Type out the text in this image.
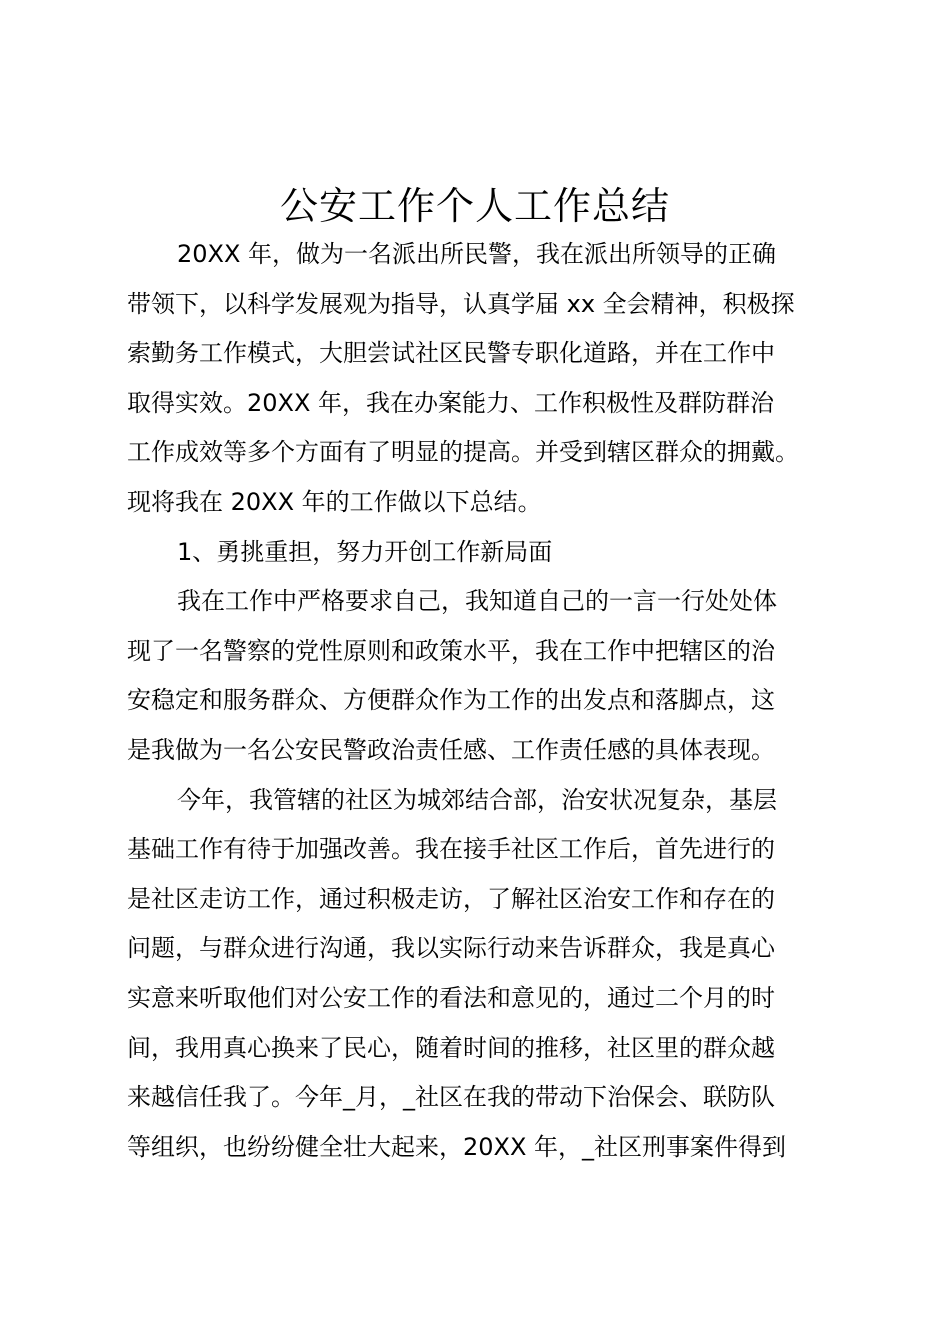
公安工作个人工作总结
20XX 年，做为一名派出所民警，我在派出所领导的正确
带领下，以科学发展观为指导，认真学届 xx 全会精神，积极探
索勤务工作模式，大胆尝试社区民警专职化道路，并在工作中
取得实效。20XX 年，我在办案能力、工作积极性及群防群治
工作成效等多个方面有了明显的提高。并受到辖区群众的拥戴。
现将我在 20XX 年的工作做以下总结。
1、勇挑重担，努力开创工作新局面
我在工作中严格要求自己，我知道自己的一言一行处处体
现了一名警察的党性原则和政策水平，我在工作中把辖区的治
安稳定和服务群众、方便群众作为工作的出发点和落脚点，这
是我做为一名公安民警政治责任感、工作责任感的具体表现。
今年，我管辖的社区为城郊结合部，治安状况复杂，基层
基础工作有待于加强改善。我在接手社区工作后，首先进行的
是社区走访工作，通过积极走访，了解社区治安工作和存在的
问题，与群众进行沟通，我以实际行动来告诉群众，我是真心
实意来听取他们对公安工作的看法和意见的，通过二个月的时
间，我用真心换来了民心，随着时间的推移，社区里的群众越
来越信任我了。今年_月，_社区在我的带动下治保会、联防队
等组织，也纷纷健全壮大起来，20XX 年，_社区刑事案件得到
